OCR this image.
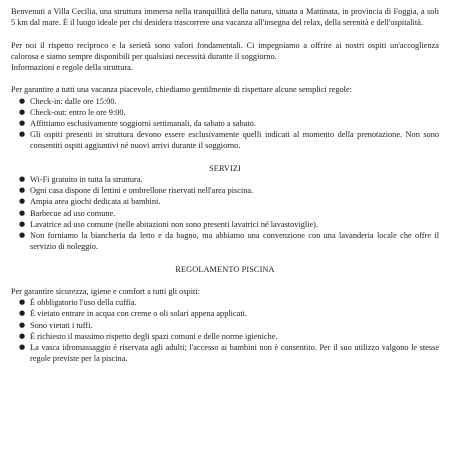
Benvenuti a Villa Cecilia, una struttura immersa nella tranquillità della natura, situata a Mattinata, in provincia di Foggia, a soli 5 km dal mare. È il luogo ideale per chi desidera trascorrere una vacanza all'insegna del relax, della serenità e dell'ospitalità.

Per noi il rispetto reciproco e la serietà sono valori fondamentali. Ci impegniamo a offrire ai nostri ospiti un'accoglienza calorosa e siamo sempre disponibili per qualsiasi necessità durante il soggiorno.

Informazioni e regole della struttura.

Per garantire a tutti una vacanza piacevole, chiediamo gentilmente di rispettare alcune semplici regole:

● Check-in: dalle ore 15:00.
● Check-out: entro le ore 9:00.
● Affittiamo esclusivamente soggiorni settimanali, da sabato a sabato.
● Gli ospiti presenti in struttura devono essere esclusivamente quelli indicati al momento della prenotazione. Non sono consentiti ospiti aggiuntivi né nuovi arrivi durante il soggiorno.

SERVIZI

● Wi-Fi gratuito in tutta la struttura.
● Ogni casa dispone di lettini e ombrellone riservati nell'area piscina.
● Ampia area giochi dedicata ai bambini.
● Barbecue ad uso comune.
● Lavatrice ad uso comune (nelle abitazioni non sono presenti lavatrici né lavastoviglie).
● Non forniamo la biancheria da letto e da bagno, ma abbiamo una convenzione con una lavanderia locale che offre il servizio di noleggio.

REGOLAMENTO PISCINA

Per garantire sicurezza, igiene e comfort a tutti gli ospiti:

● È obbligatorio l'uso della cuffia.
● È vietato entrare in acqua con creme o oli solari appena applicati.
● Sono vietati i tuffi.
● È richiesto il massimo rispetto degli spazi comuni e delle norme igieniche.
● La vasca idromassaggio è riservata agli adulti; l'accesso ai bambini non è consentito. Per il suo utilizzo valgono le stesse regole previste per la piscina.
